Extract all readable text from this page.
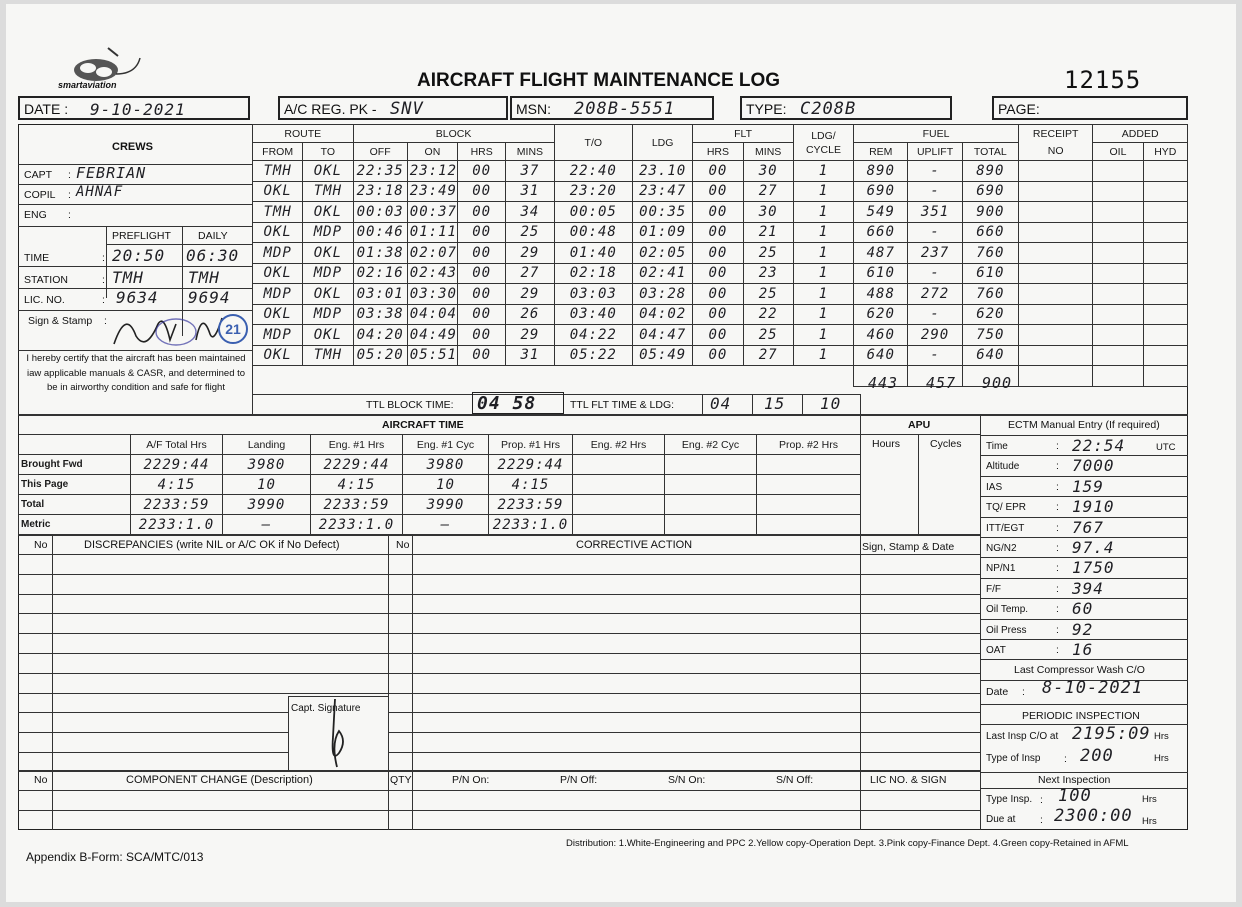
smartaviation	AIRCRAFT FLIGHT MAINTENANCE LOG	12155
DATE : 9-10-2021	A/C REG. PK - SNV	MSN: 208B-5551	TYPE: C208B	PAGE:
CREWS
CAPT : FEBRIAN
COPIL : AHNAF
ENG :
PREFLIGHT	DAILY
TIME	: 20:50 06:30
STATION	: TMH	TMH
LIC. NO.	: 9634 9694
Sign & Stamp :	21
I hereby certify that the aircraft has been maintained iaw applicable manuals & CASR, and determined to be in airworthy condition and safe for flight
ROUTE		BLOCK				T/O	LDG	FLT		LDG/ CYCLE	FUEL			RECEIPT	ADDED	
FROM	TO	OFF	ON	HRS	MINS			HRS	MINS		REM	UPLIFT	TOTAL	NO	OIL	HYD
TMH	OKL	22:35	23:12	00	37	22:40	23.10	00	30	1	890	-	890			
OKL	TMH	23:18	23:49	00	31	23:20	23:47	00	27	1	690	-	690			
TMH	OKL	00:03	00:37	00	34	00:05	00:35	00	30	1	549	351	900			
OKL	MDP	00:46	01:11	00	25	00:48	01:09	00	21	1	660	-	660			
MDP	OKL	01:38	02:07	00	29	01:40	02:05	00	25	1	487	237	760			
OKL	MDP	02:16	02:43	00	27	02:18	02:41	00	23	1	610	-	610			
MDP	OKL	03:01	03:30	00	29	03:03	03:28	00	25	1	488	272	760			
OKL	MDP	03:38	04:04	00	26	03:40	04:02	00	22	1	620	-	620			
MDP	OKL	04:20	04:49	00	29	04:22	04:47	00	25	1	460	290	750			
OKL	TMH	05:20	05:51	00	31	05:22	05:49	00	27	1	640	-	640			

TTL BLOCK TIME: 04 58	TTL FLT TIME & LDG: 04 15 10
443 457 900
AIRCRAFT TIME
	A/F Total Hrs	Landing	Eng. #1 Hrs	Eng. #1 Cyc	Prop. #1 Hrs	Eng. #2 Hrs	Eng. #2 Cyc	Prop. #2 Hrs
Brought Fwd	2229:44	3980	2229:44	3980	2229:44			
This Page	4:15	10	4:15	10	4:15			
Total	2233:59	3990	2233:59	3990	2233:59			
Metric	2233:1.0	—	2233:1.0	—	2233:1.0			
APU
Hours	Cycles
ECTM Manual Entry (If required)
Time	: 22:54	UTC
Altitude	: 7000
IAS	: 159
TQ/ EPR	: 1910
ITT/EGT	: 767
NG/N2	: 97.4
NP/N1	: 1750
F/F	: 394
Oil Temp.	: 60
Oil Press	: 92
OAT	: 16
Last Compressor Wash C/O
Date : 8-10-2021
PERIODIC INSPECTION
Last Insp C/O at 2195:09 Hrs
Type of Insp : 200	Hrs
Next Inspection
Type Insp. : 100	Hrs
Due at : 2300:00 Hrs
No	DISCREPANCIES (write NIL or A/C OK if No Defect)	No	CORRECTIVE ACTION	Sign, Stamp & Date
Capt. Signature
No	COMPONENT CHANGE (Description)	QTY	P/N On:	P/N Off:	S/N On:	S/N Off:	LIC NO. & SIGN
Appendix B-Form: SCA/MTC/013
Distribution: 1.White-Engineering and PPC 2.Yellow copy-Operation Dept. 3.Pink copy-Finance Dept. 4.Green copy-Retained in AFML
